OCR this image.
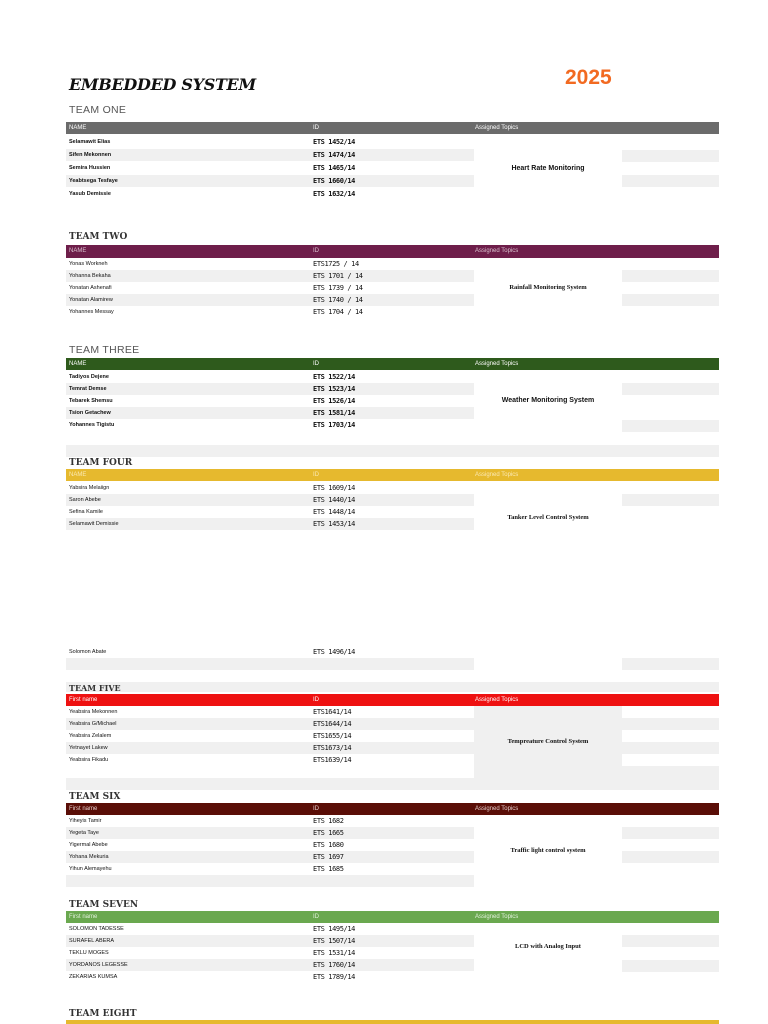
EMBEDDED SYSTEM	2025
TEAM ONE
NAME	ID	Assigned Topics
Selamawit Elias	ETS 1452/14
Sifen Mekonnen	ETS 1474/14
Semira Hussien	ETS 1465/14
Yeabtsega Tesfaye	ETS 1660/14
Yasub Demissie	ETS 1632/14
Heart Rate Monitoring
TEAM TWO
NAME	ID	Assigned Topics
Yonas Workneh	ETS1725 / 14
Yohanna Bekaha	ETS 1701 / 14
Yonatan Ashenafi	ETS 1739 / 14
Yonatan Alamirew	ETS 1740 / 14
Yohannes Messay	ETS 1704 / 14
Rainfall Monitoring System
TEAM THREE
NAME	ID	Assigned Topics
Tadiyos Dejene	ETS 1522/14
Temrat Demse	ETS 1523/14
Tebarek Shemsu	ETS 1526/14
Tsion Getachew	ETS 1581/14
Yohannes Tigistu	ETS 1703/14
Weather Monitoring System
TEAM FOUR
NAME	ID	Assigned Topics
Yabsira Melaiign	ETS 1609/14
Saron Abebe	ETS 1440/14
Sefina Kamile	ETS 1448/14
Selamawit Demissie	ETS 1453/14
Tanker Level Control System
Solomon Abate	ETS 1496/14
TEAM FIVE
First name	ID	Assigned Topics
Yeabsira Mekonnen	ETS1641/14
Yeabsira G/Michael	ETS1644/14
Yeabsira Zelalem	ETS1655/14
Yetnayet Lakew	ETS1673/14
Yeabsira Fikadu	ETS1639/14
Tempreature Control System
TEAM SIX
First name	ID	Assigned Topics
Yiheyis Tamir	ETS 1682
Yegeta Taye	ETS 1665
Yigermal Abebe	ETS 1680
Yohana Mekuria	ETS 1697
Yihun Alemayehu	ETS 1685
Traffic light control system
TEAM SEVEN
First name	ID	Assigned Topics
SOLOMON TADESSE	ETS 1495/14
SURAFEL ABERA	ETS 1507/14
TEKLU MOGES	ETS 1531/14
YORDANOS LEGESSE	ETS 1760/14
ZEKARIAS KUMSA	ETS 1789/14
LCD with Analog Input
TEAM EIGHT
